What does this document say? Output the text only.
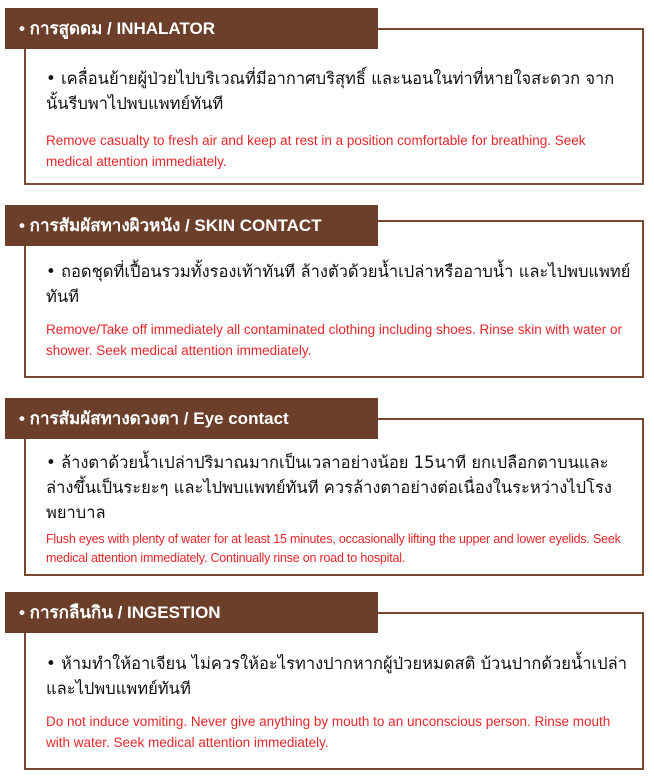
• เคลื่อนย้ายผู้ป่วยไปบริเวณที่มีอากาศบริสุทธิ์ และนอนในท่าที่หายใจสะดวก จากนั้นรีบพาไปพบแพทย์ทันที
Remove casualty to fresh air and keep at rest in a position comfortable for breathing. Seek medical attention immediately.
• การสูดดม / INHALATOR
• ถอดชุดที่เปื้อนรวมทั้งรองเท้าทันที ล้างตัวด้วยน้ำเปล่าหรืออาบน้ำ และไปพบแพทย์ทันที
Remove/Take off immediately all contaminated clothing including shoes. Rinse skin with water or shower. Seek medical attention immediately.
• การสัมผัสทางผิวหนัง / SKIN CONTACT
• ล้างตาด้วยน้ำเปล่าปริมาณมากเป็นเวลาอย่างน้อย 15นาที ยกเปลือกตาบนและล่างขึ้นเป็นระยะๆ และไปพบแพทย์ทันที ควรล้างตาอย่างต่อเนื่องในระหว่างไปโรงพยาบาล
Flush eyes with plenty of water for at least 15 minutes, occasionally lifting the upper and lower eyelids. Seek medical attention immediately. Continually rinse on road to hospital.
• การสัมผัสทางดวงตา / Eye contact
• ห้ามทำให้อาเจียน ไม่ควรให้อะไรทางปากหากผู้ป่วยหมดสติ บ้วนปากด้วยน้ำเปล่า และไปพบแพทย์ทันที
Do not induce vomiting. Never give anything by mouth to an unconscious person. Rinse mouth with water. Seek medical attention immediately.
• การกลืนกิน / INGESTION
